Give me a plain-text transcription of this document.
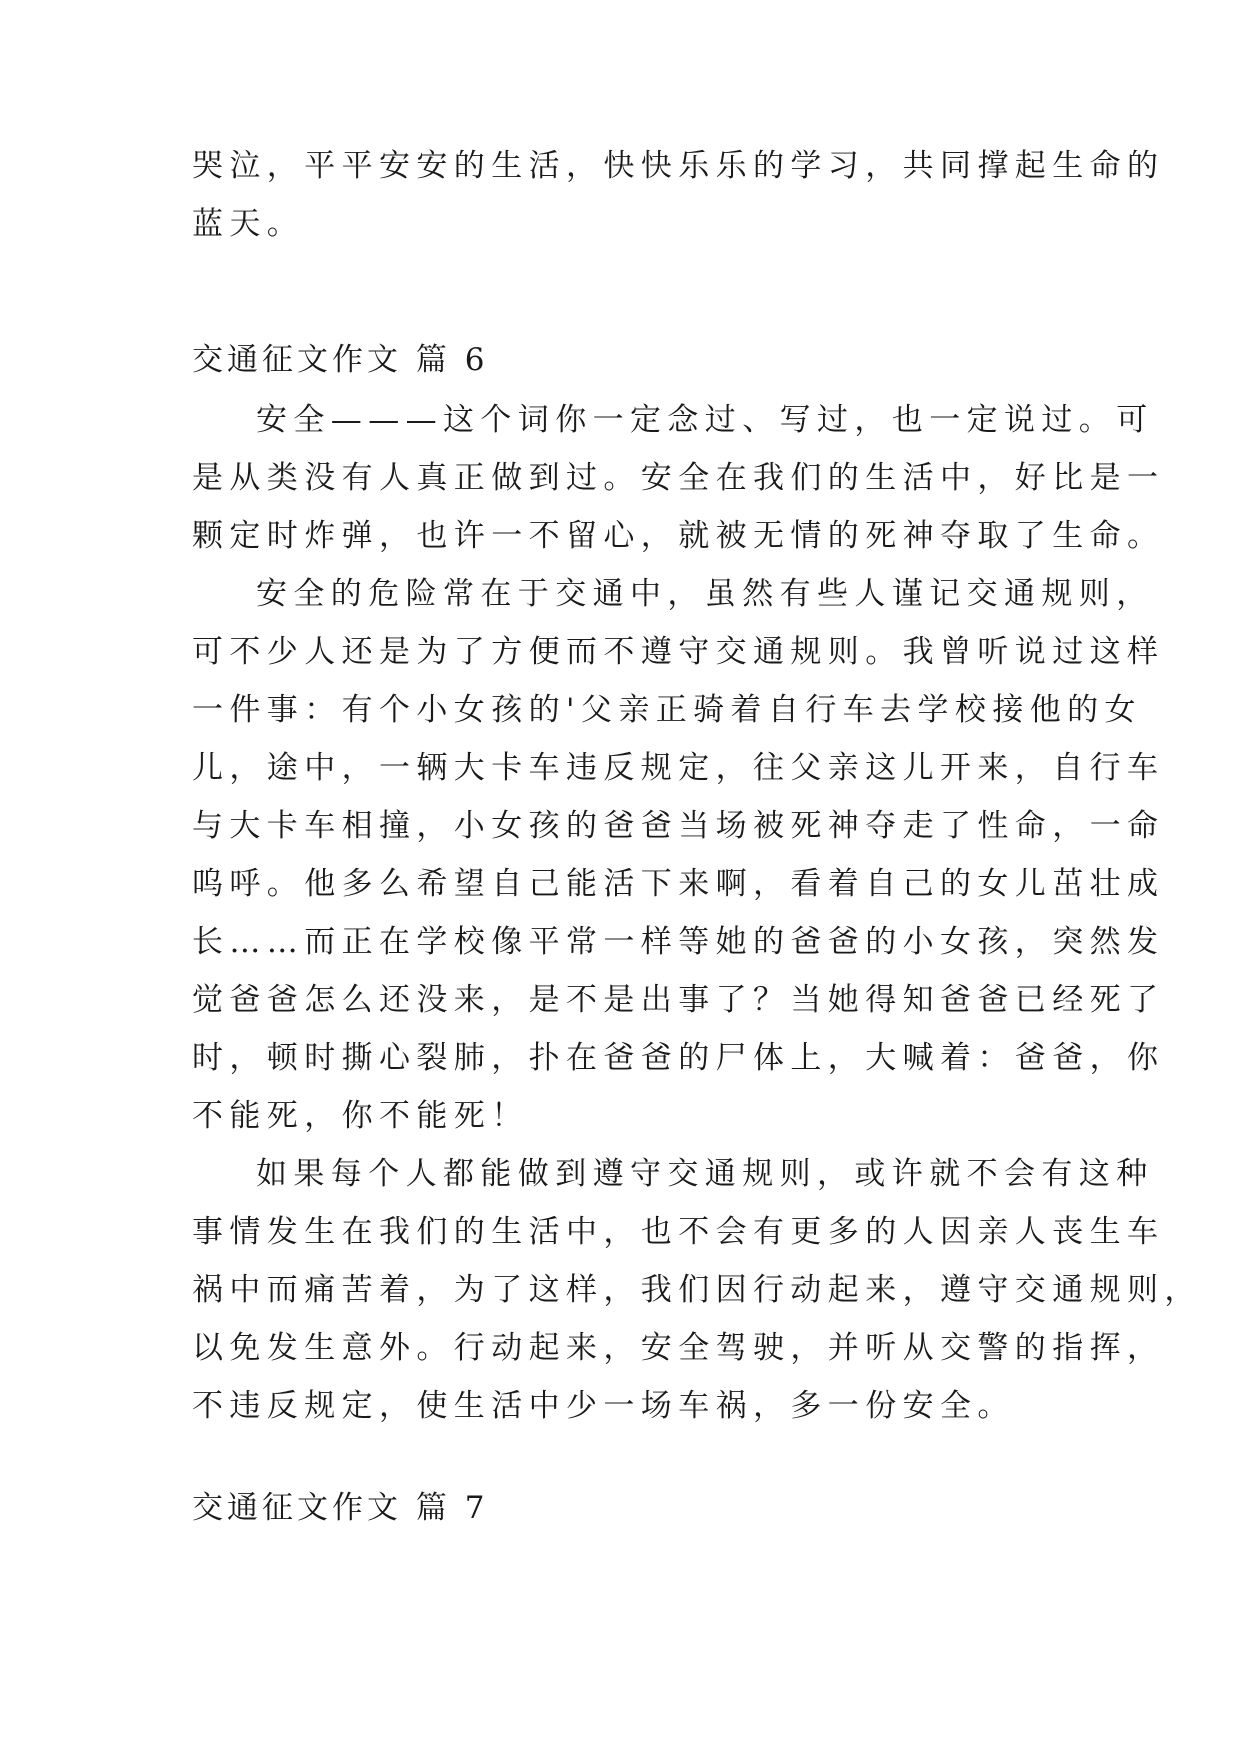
哭泣，平平安安的生活，快快乐乐的学习，共同撑起生命的
蓝天。
交通征文作文 篇 6
安全———这个词你一定念过、写过，也一定说过。可
是从类没有人真正做到过。安全在我们的生活中，好比是一
颗定时炸弹，也许一不留心，就被无情的死神夺取了生命。
安全的危险常在于交通中，虽然有些人谨记交通规则，
可不少人还是为了方便而不遵守交通规则。我曾听说过这样
一件事：有个小女孩的'父亲正骑着自行车去学校接他的女
儿，途中，一辆大卡车违反规定，往父亲这儿开来，自行车
与大卡车相撞，小女孩的爸爸当场被死神夺走了性命，一命
呜呼。他多么希望自己能活下来啊，看着自己的女儿茁壮成
长……而正在学校像平常一样等她的爸爸的小女孩，突然发
觉爸爸怎么还没来，是不是出事了？当她得知爸爸已经死了
时，顿时撕心裂肺，扑在爸爸的尸体上，大喊着：爸爸，你
不能死，你不能死！
如果每个人都能做到遵守交通规则，或许就不会有这种
事情发生在我们的生活中，也不会有更多的人因亲人丧生车
祸中而痛苦着，为了这样，我们因行动起来，遵守交通规则，
以免发生意外。行动起来，安全驾驶，并听从交警的指挥，
不违反规定，使生活中少一场车祸，多一份安全。
交通征文作文 篇 7
